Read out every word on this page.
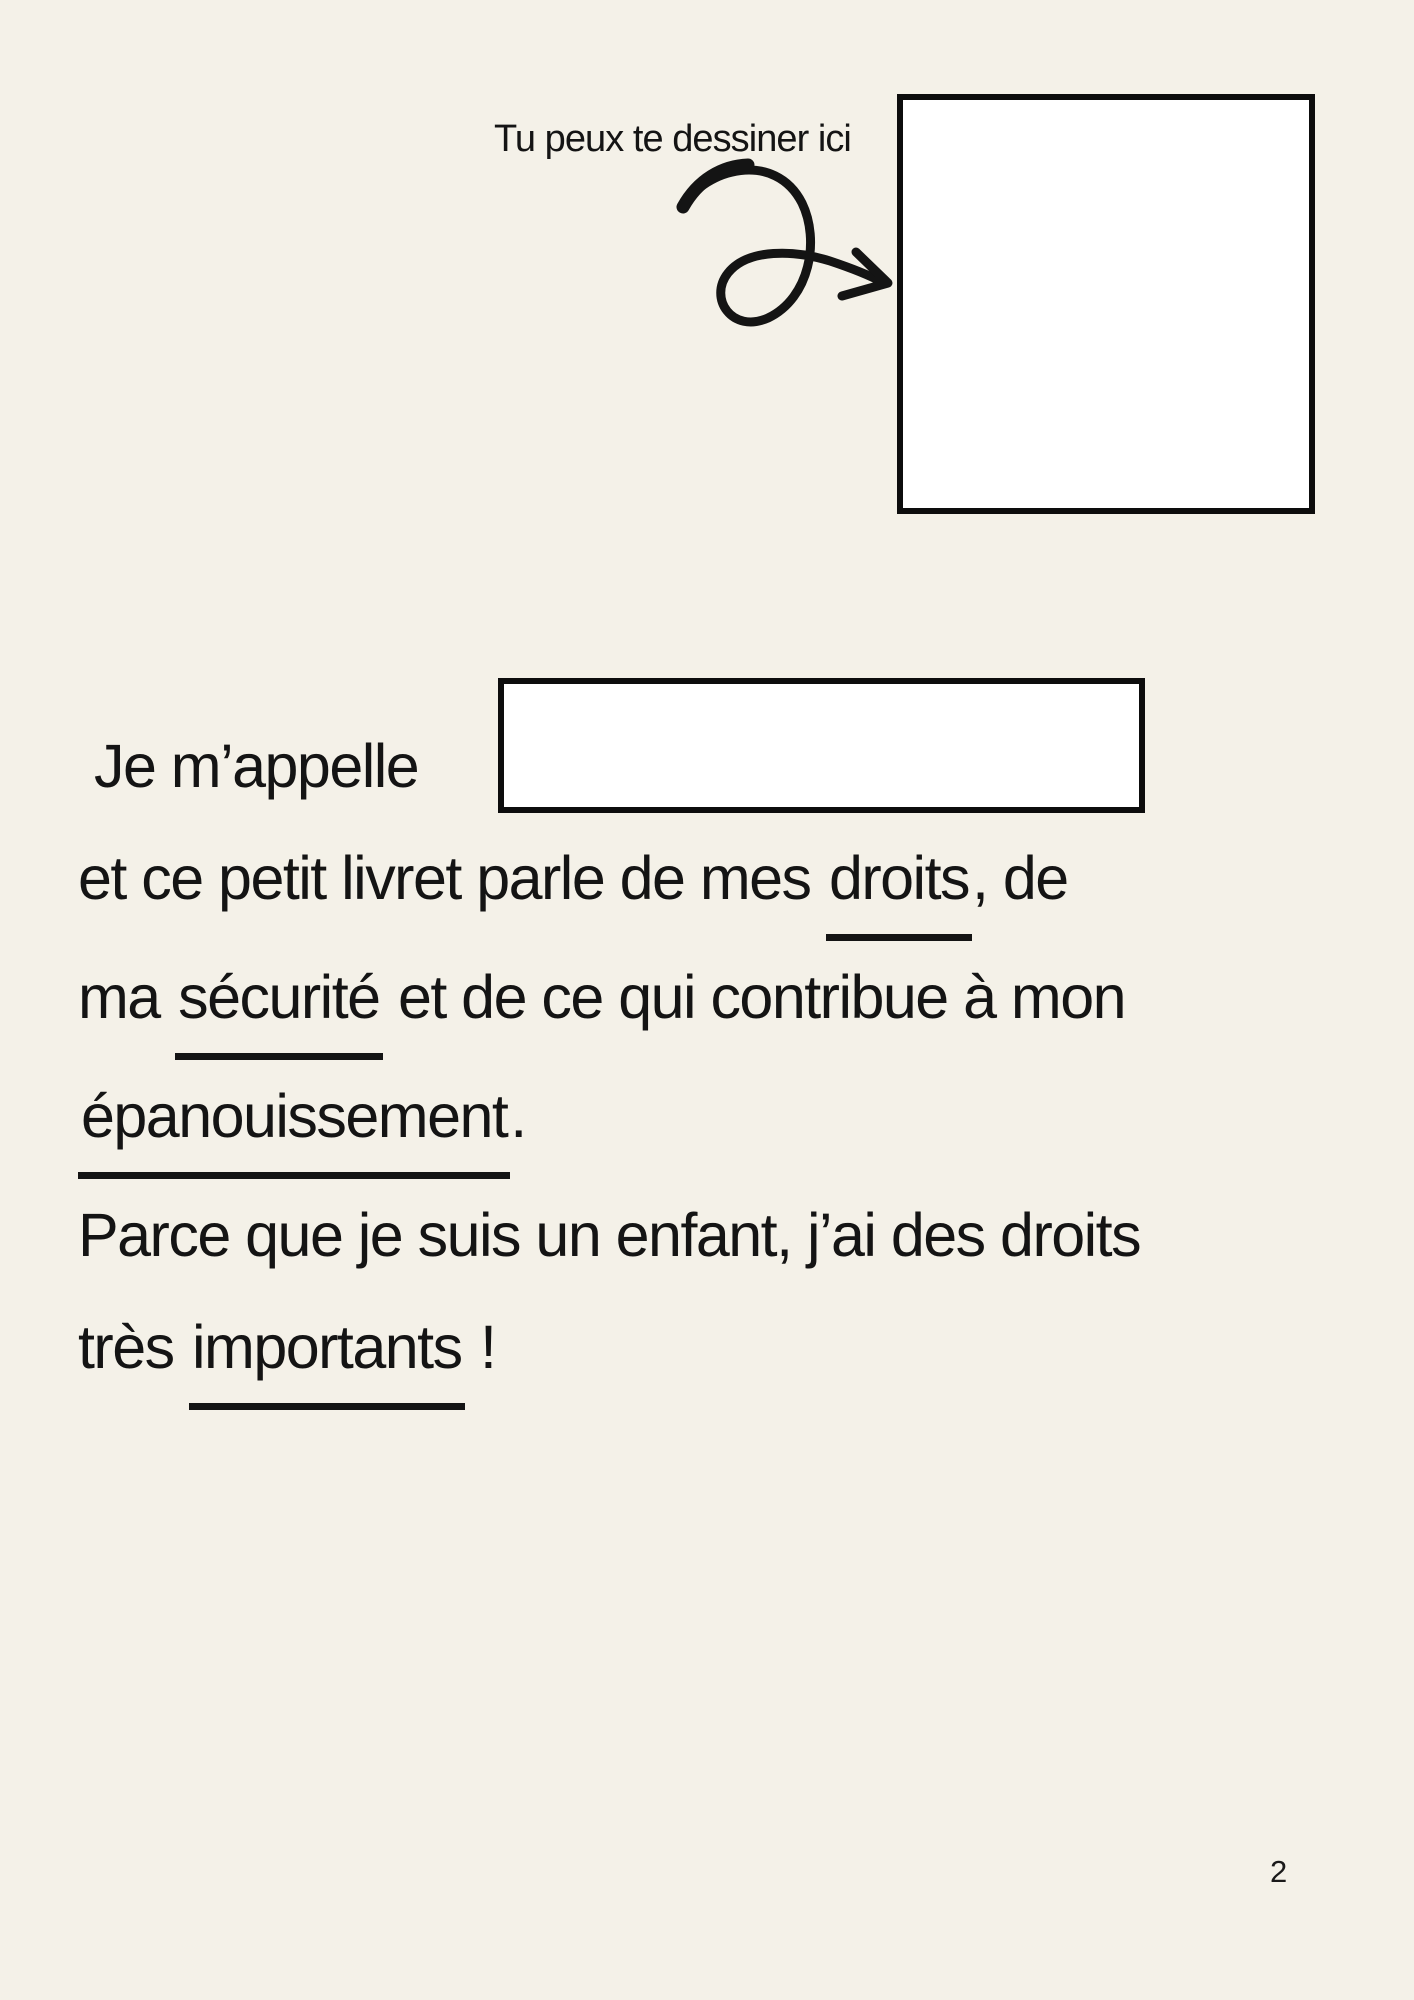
Tu peux te dessiner ici
Je m’appelle
et ce petit livret parle de mes droits, de
ma sécurité et de ce qui contribue à mon
épanouissement.
Parce que je suis un enfant, j’ai des droits
très importants !
2
